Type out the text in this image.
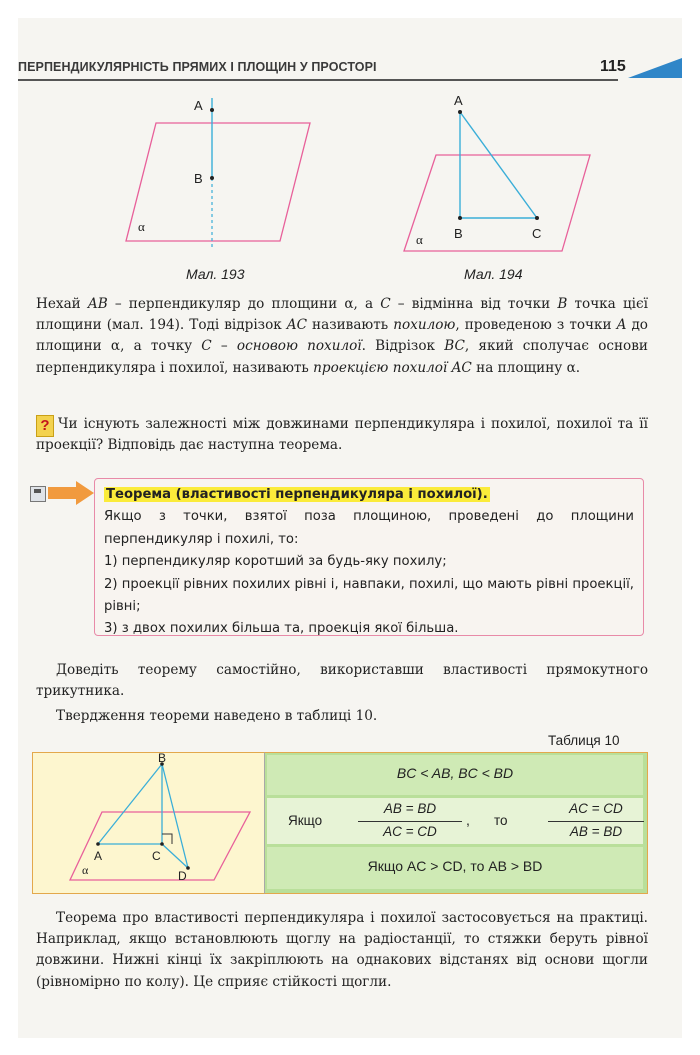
ПЕРПЕНДИКУЛЯРНІСТЬ ПРЯМИХ І ПЛОЩИН У ПРОСТОРІ	115
A
B
α
Мал. 193
A
B	C
α
Мал. 194
Нехай AB – перпендикуляр до площини α, а C – відмінна від точки B точка цієї площини (мал. 194). Тоді відрізок AC називають похилою, проведеною з точки A до площини α, а точку C – основою похилої. Відрізок BC, який сполучає основи перпендикуляра і похилої, називають проекцією похилої AC на площину α.
? Чи існують залежності між довжинами перпендикуляра і похилої, похилої та її проекції? Відповідь дає наступна теорема.
Теорема (властивості перпендикуляра і похилої).
Якщо з точки, взятої поза площиною, проведені до площини перпендикуляр і похилі, то:
1) перпендикуляр коротший за будь-яку похилу;
2) проекції рівних похилих рівні і, навпаки, похилі, що мають рівні проекції, рівні;
3) з двох похилих більша та, проекція якої більша.
Доведіть теорему самостійно, використавши властивості прямокутного трикутника.
Твердження теореми наведено в таблиці 10.
Таблиця 10
B
A	C
D
α
BC < AB, BC < BD
Якщо
AB = BD
AC = CD
, то
AC = CD
AB = BD
Якщо AC > CD, то AB > BD
Теорема про властивості перпендикуляра і похилої застосовується на практиці. Наприклад, якщо встановлюють щоглу на радіостанції, то стяжки беруть рівної довжини. Нижні кінці їх закріплюють на однакових відстанях від основи щогли (рівномірно по колу). Це сприяє стійкості щогли.
